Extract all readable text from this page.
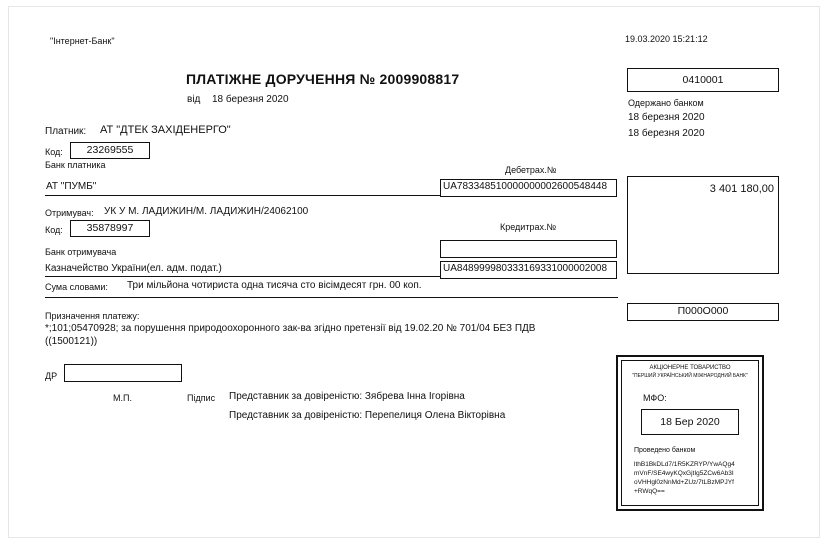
"Інтернет-Банк"	19.03.2020 15:21:12
ПЛАТІЖНЕ ДОРУЧЕННЯ № 2009908817
від 18 березня 2020
0410001
Одержано банком
18 березня 2020
18 березня 2020
Платник: АТ "ДТЕК ЗАХІДЕНЕРГО"
Код:	23269555
Банк платника	Дебетрах.№
АТ "ПУМБ"	UA783348510000000002600548448	3 401 180,00
Отримувач: УК У М. ЛАДИЖИН/М. ЛАДИЖИН/24062100
Код:	35878997	Кредитрах.№
Банк отримувача
Казначейство України(ел. адм. подат.)	UA848999980333169331000002008
Сума словами: Три мільйона чотириста одна тисяча сто вісімдесят грн. 00 коп.
Призначення платежу:	П000О000
*;101;05470928; за порушення природоохоронного зак-ва згідно претензії від 19.02.20 № 701/04 БЕЗ ПДВ
((1500121))
ДР
М.П.	Підпис Представник за довіреністю: Зябрева Інна Ігорівна
Представник за довіреністю: Перепелиця Олена Вікторівна
АКЦІОНЕРНЕ ТОВАРИСТВО
"ПЕРШИЙ УКРАЇНСЬКИЙ МІЖНАРОДНИЙ БАНК"
МФО:
18 Бер 2020
Проведено банком
lthB1BkDLd7/1R5KZRYP/YwAQg4
mVnF/SE4wyKQxGjtIg5ZCw6Ab3I
oVHHgl0zNnMd+ZUz/7tLBzMPJYf
+RWqQ==
